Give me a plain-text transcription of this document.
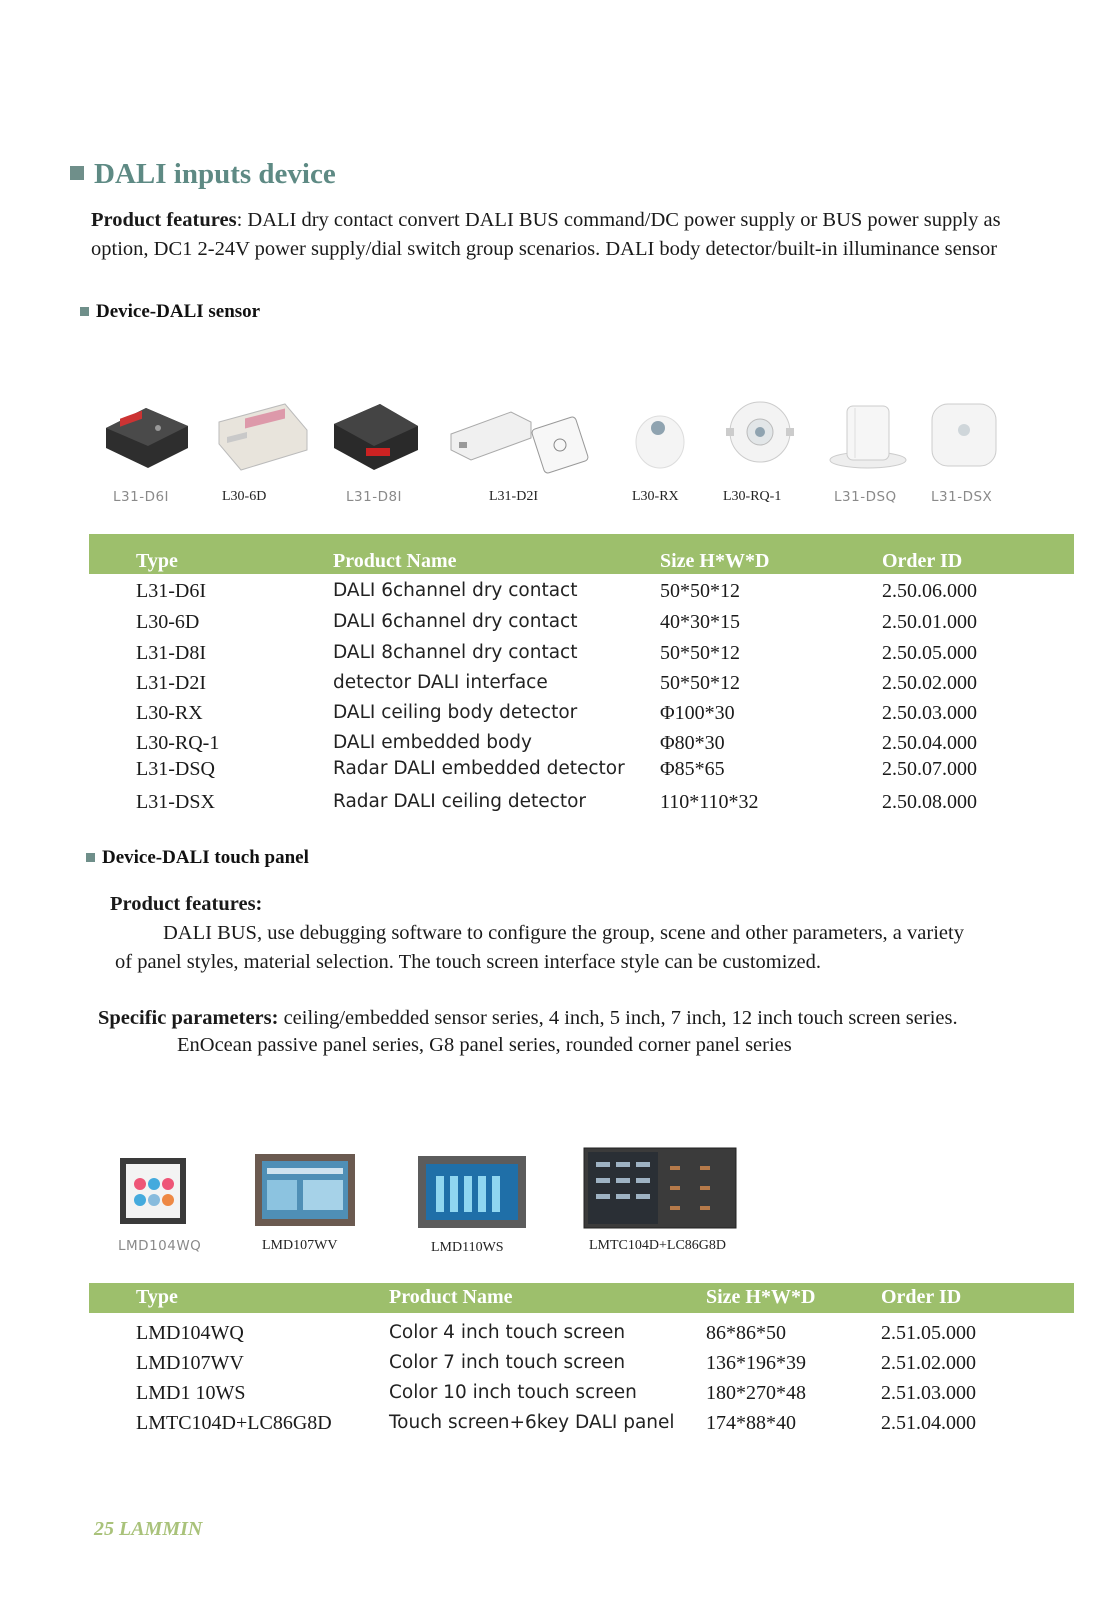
DALI inputs device
Product features: DALI dry contact convert DALI BUS command/DC power supply or BUS power supply as
option, DC1 2-24V power supply/dial switch group scenarios. DALI body detector/built-in illuminance sensor
Device-DALI sensor
L31-D6I	L30-6D	L31-D8I	L31-D2I	L30-RX	L30-RQ-1	L31-DSQ	L31-DSX
Type	Product Name	Size H*W*D	Order ID
L31-D6I	DALI 6channel dry contact	50*50*12	2.50.06.000
L30-6D	DALI 6channel dry contact	40*30*15	2.50.01.000
L31-D8I	DALI 8channel dry contact	50*50*12	2.50.05.000
L31-D2I	detector DALI interface	50*50*12	2.50.02.000
L30-RX	DALI ceiling body detector	Φ100*30	2.50.03.000
L30-RQ-1	DALI embedded body	Φ80*30	2.50.04.000
L31-DSQ	Radar DALI embedded detector Φ85*65	2.50.07.000
L31-DSX	Radar DALI ceiling detector	110*110*32	2.50.08.000
Device-DALI touch panel
Product features:
DALI BUS, use debugging software to configure the group, scene and other parameters, a variety
of panel styles, material selection. The touch screen interface style can be customized.
Specific parameters: ceiling/embedded sensor series, 4 inch, 5 inch, 7 inch, 12 inch touch screen series.
EnOcean passive panel series, G8 panel series, rounded corner panel series
LMD104WQ	LMD107WV	LMD110WS	LMTC104D+LC86G8D
Type	Product Name	Size H*W*D	Order ID
LMD104WQ	Color 4 inch touch screen	86*86*50	2.51.05.000
LMD107WV	Color 7 inch touch screen	136*196*39	2.51.02.000
LMD1 10WS	Color 10 inch touch screen	180*270*48	2.51.03.000
LMTC104D+LC86G8D	Touch screen+6key DALI panel 174*88*40	2.51.04.000
25 LAMMIN
